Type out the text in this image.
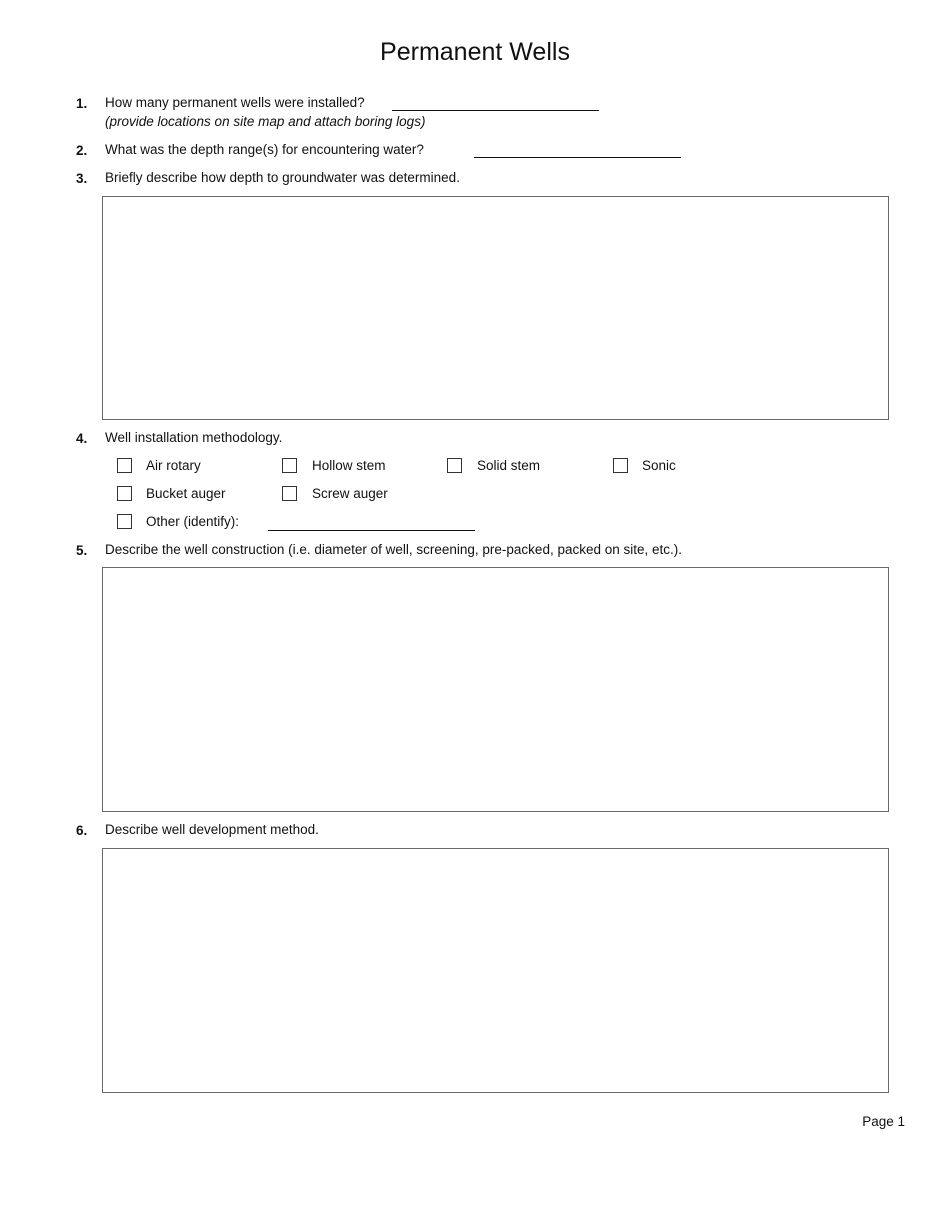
Permanent Wells
1. How many permanent wells were installed?
(provide locations on site map and attach boring logs)
2. What was the depth range(s) for encountering water?
3. Briefly describe how depth to groundwater was determined.
4. Well installation methodology.
Air rotary	Hollow stem	Solid stem	Sonic
Bucket auger	Screw auger
Other (identify):
5. Describe the well construction (i.e. diameter of well, screening, pre-packed, packed on site, etc.).
6. Describe well development method.
Page 1
